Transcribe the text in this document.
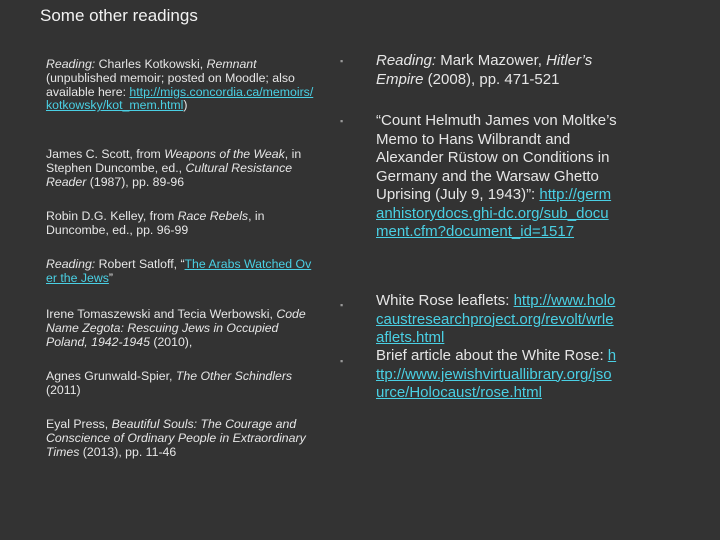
Some other readings
Reading: Charles Kotkowski, Remnant (unpublished memoir; posted on Moodle; also available here: http://migs.concordia.ca/memoirs/kotkowsky/kot_mem.html)
James C. Scott, from Weapons of the Weak, in Stephen Duncombe, ed., Cultural Resistance Reader (1987), pp. 89-96
Robin D.G. Kelley, from Race Rebels, in Duncombe, ed., pp. 96-99
Reading: Robert Satloff, “The Arabs Watched Over the Jews”
Irene Tomaszewski and Tecia Werbowski, Code Name Zegota: Rescuing Jews in Occupied Poland, 1942-1945 (2010),
Agnes Grunwald-Spier, The Other Schindlers (2011)
Eyal Press, Beautiful Souls: The Courage and Conscience of Ordinary People in Extraordinary Times (2013), pp. 11-46
▪ Reading: Mark Mazower, Hitler’s Empire (2008), pp. 471-521
▪ “Count Helmuth James von Moltke’s Memo to Hans Wilbrandt and Alexander Rüstow on Conditions in Germany and the Warsaw Ghetto Uprising (July 9, 1943)”: http://germanhistorydocs.ghi-dc.org/sub_document.cfm?document_id=1517
▪ White Rose leaflets: http://www.holocaustresearchproject.org/revolt/wrleaflets.html
▪ Brief article about the White Rose: http://www.jewishvirtuallibrary.org/jsource/Holocaust/rose.html
